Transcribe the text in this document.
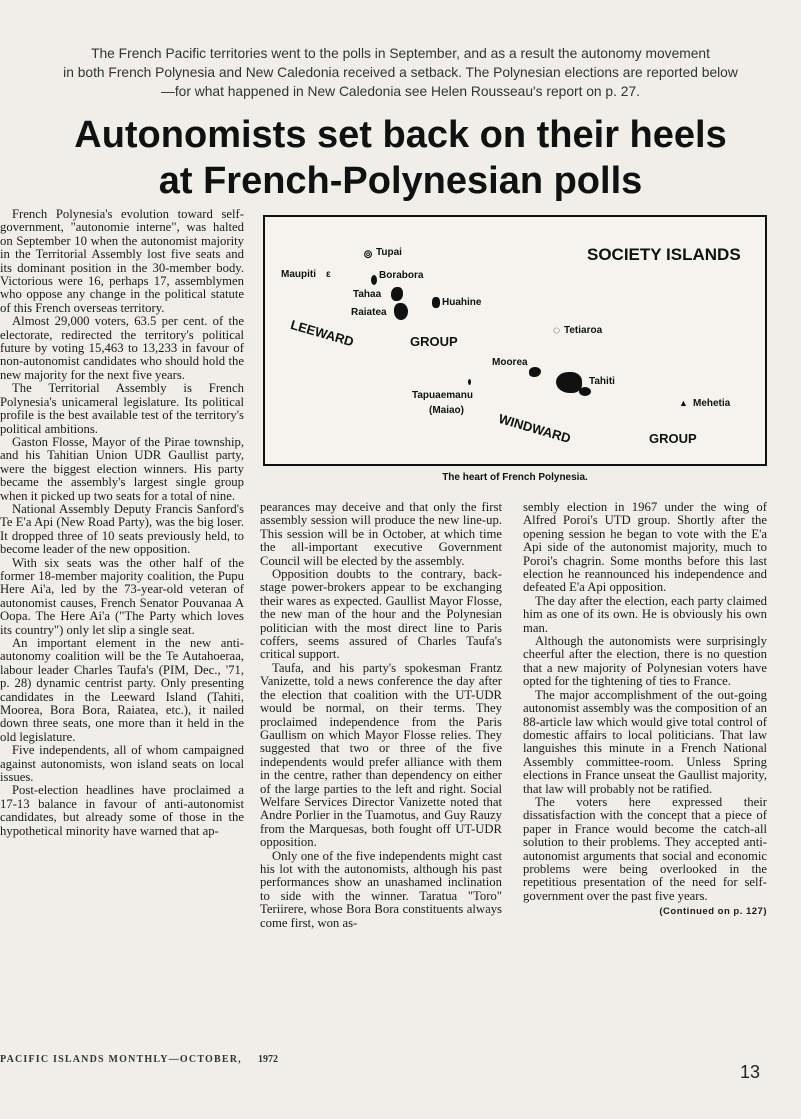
The French Pacific territories went to the polls in September, and as a result the autonomy movement

in both French Polynesia and New Caledonia received a setback. The Polynesian elections are reported below

—for what happened in New Caledonia see Helen Rousseau's report on p. 27.

Autonomists set back on their heels
at French-Polynesian polls

French Polynesia's evolution toward self-government, "autonomie interne", was halted on September 10 when the autonomist majority in the Territorial Assembly lost five seats and its dominant position in the 30-member body. Victorious were 16, perhaps 17, assemblymen who oppose any change in the political statute of this French overseas territory.

Almost 29,000 voters, 63.5 per cent. of the electorate, redirected the territory's political future by voting 15,463 to 13,233 in favour of non-autonomist candidates who should hold the new majority for the next five years.

The Territorial Assembly is French Polynesia's unicameral legislature. Its political profile is the best available test of the territory's political ambitions.

Gaston Flosse, Mayor of the Pirae township, and his Tahitian Union UDR Gaullist party, were the biggest election winners. His party became the assembly's largest single group when it picked up two seats for a total of nine.

National Assembly Deputy Francis Sanford's Te E'a Api (New Road Party), was the big loser. It dropped three of 10 seats previously held, to become leader of the new opposition.

With six seats was the other half of the former 18-member majority coalition, the Pupu Here Ai'a, led by the 73-year-old veteran of autonomist causes, French Senator Pouvanaa A Oopa. The Here Ai'a ("The Party which loves its country") only let slip a single seat.

An important element in the new anti-autonomy coalition will be the Te Autahoeraa, labour leader Charles Taufa's (PIM, Dec., '71, p. 28) dynamic centrist party. Only presenting candidates in the Leeward Island (Tahiti, Moorea, Bora Bora, Raiatea, etc.), it nailed down three seats, one more than it held in the old legislature.

Five independents, all of whom campaigned against autonomists, won island seats on local issues.

Post-election headlines have proclaimed a 17-13 balance in favour of anti-autonomist candidates, but already some of those in the hypothetical minority have warned that ap-

SOCIETY ISLANDS
⊚ Tupai
Maupiti ε	Borabora
Tahaa
Raiatea
Huahine
◌ Tetiaroa
LEEWARD	GROUP
Moorea
Tahiti
Tapuaemanu
(Maiao)
WINDWARD	GROUP
▲ Mehetia
The heart of French Polynesia.

pearances may deceive and that only the first assembly session will produce the new line-up. This session will be in October, at which time the all-important executive Government Council will be elected by the assembly.

Opposition doubts to the contrary, back-stage power-brokers appear to be exchanging their wares as expected. Gaullist Mayor Flosse, the new man of the hour and the Polynesian politician with the most direct line to Paris coffers, seems assured of Charles Taufa's critical support.

Taufa, and his party's spokesman Frantz Vanizette, told a news conference the day after the election that coalition with the UT-UDR would be normal, on their terms. They proclaimed independence from the Paris Gaullism on which Mayor Flosse relies. They suggested that two or three of the five independents would prefer alliance with them in the centre, rather than dependency on either of the large parties to the left and right. Social Welfare Services Director Vanizette noted that Andre Porlier in the Tuamotus, and Guy Rauzy from the Marquesas, both fought off UT-UDR opposition.

Only one of the five independents might cast his lot with the autonomists, although his past performances show an unashamed inclination to side with the winner. Taratua "Toro" Teriirere, whose Bora Bora constituents always come first, won as-

sembly election in 1967 under the wing of Alfred Poroi's UTD group. Shortly after the opening session he began to vote with the E'a Api side of the autonomist majority, much to Poroi's chagrin. Some months before this last election he reannounced his independence and defeated E'a Api opposition.

The day after the election, each party claimed him as one of its own. He is obviously his own man.

Although the autonomists were surprisingly cheerful after the election, there is no question that a new majority of Polynesian voters have opted for the tightening of ties to France.

The major accomplishment of the out-going autonomist assembly was the composition of an 88-article law which would give total control of domestic affairs to local politicians. That law languishes this minute in a French National Assembly committee-room. Unless Spring elections in France unseat the Gaullist majority, that law will probably not be ratified.

The voters here expressed their dissatisfaction with the concept that a piece of paper in France would become the catch-all solution to their problems. They accepted anti-autonomist arguments that social and economic problems were being overlooked in the repetitious presentation of the need for self-government over the past five years.

(Continued on p. 127)
PACIFIC ISLANDS MONTHLY—OCTOBER, 1972
13
